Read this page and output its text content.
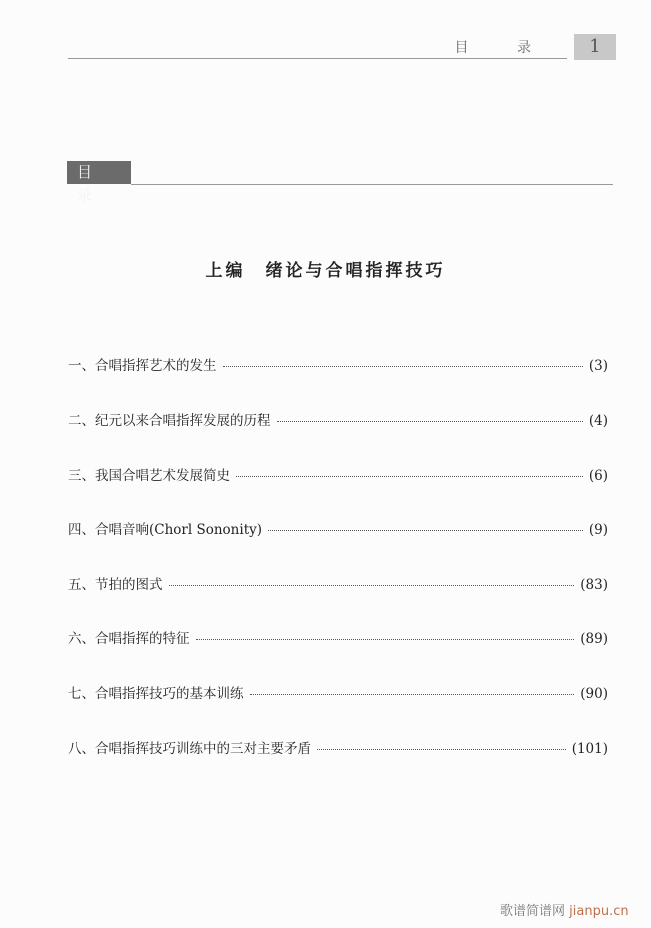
目 录	1
目 录
上编 绪论与合唱指挥技巧
一、合唱指挥艺术的发生	(3)
二、纪元以来合唱指挥发展的历程	(4)
三、我国合唱艺术发展简史	(6)
四、合唱音响(Chorl Sononity)	(9)
五、节拍的图式	(83)
六、合唱指挥的特征	(89)
七、合唱指挥技巧的基本训练	(90)
八、合唱指挥技巧训练中的三对主要矛盾	(101)
歌谱简谱网 jianpu.cn
